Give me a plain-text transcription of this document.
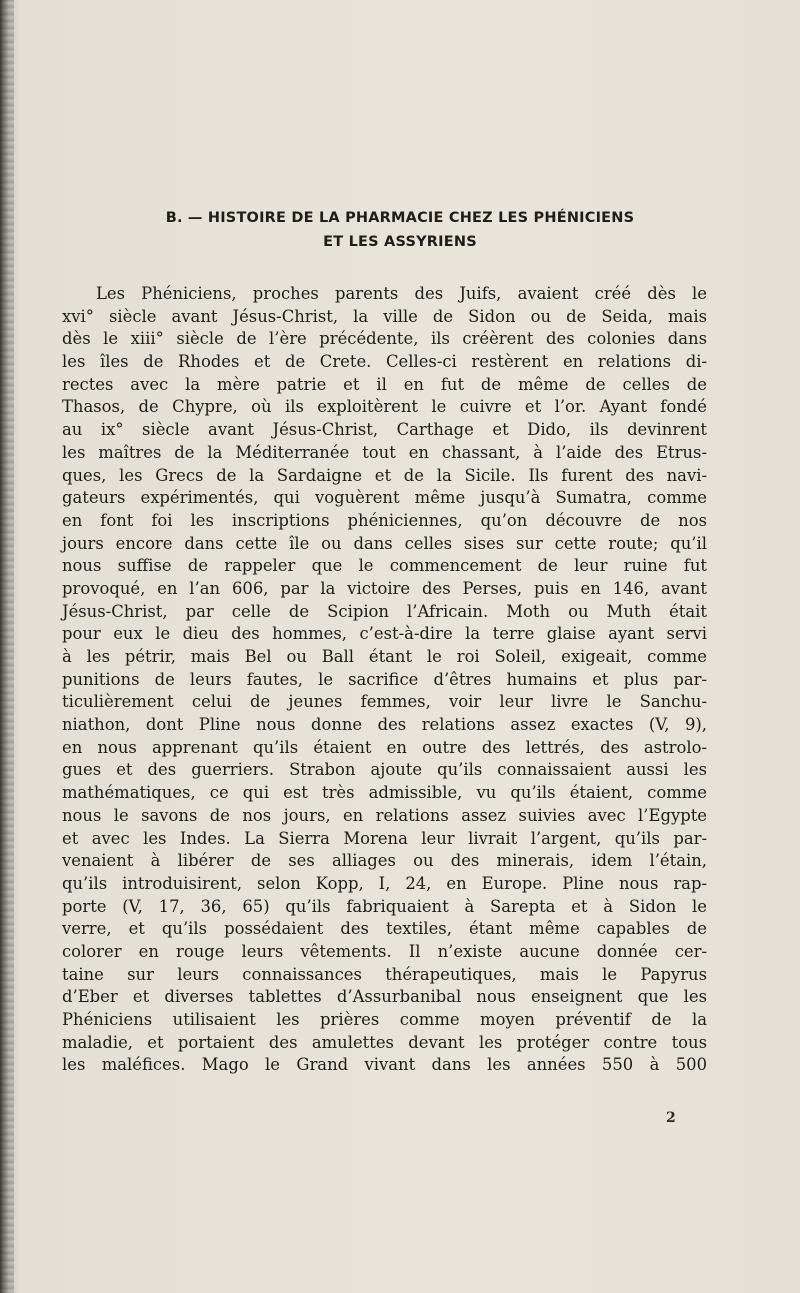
B. — HISTOIRE DE LA PHARMACIE CHEZ LES PHÉNICIENS
ET LES ASSYRIENS
Les Phéniciens, proches parents des Juifs, avaient créé dès le
xvi° siècle avant Jésus-Christ, la ville de Sidon ou de Seida, mais
dès le xiii° siècle de l’ère précédente, ils créèrent des colonies dans
les îles de Rhodes et de Crete. Celles-ci restèrent en relations di-
rectes avec la mère patrie et il en fut de même de celles de
Thasos, de Chypre, où ils exploitèrent le cuivre et l’or. Ayant fondé
au ix° siècle avant Jésus-Christ, Carthage et Dido, ils devinrent
les maîtres de la Méditerranée tout en chassant, à l’aide des Etrus-
ques, les Grecs de la Sardaigne et de la Sicile. Ils furent des navi-
gateurs expérimentés, qui voguèrent même jusqu’à Sumatra, comme
en font foi les inscriptions phéniciennes, qu’on découvre de nos
jours encore dans cette île ou dans celles sises sur cette route; qu’il
nous suffise de rappeler que le commencement de leur ruine fut
provoqué, en l’an 606, par la victoire des Perses, puis en 146, avant
Jésus-Christ, par celle de Scipion l’Africain. Moth ou Muth était
pour eux le dieu des hommes, c’est-à-dire la terre glaise ayant servi
à les pétrir, mais Bel ou Ball étant le roi Soleil, exigeait, comme
punitions de leurs fautes, le sacrifice d’êtres humains et plus par-
ticulièrement celui de jeunes femmes, voir leur livre le Sanchu-
niathon, dont Pline nous donne des relations assez exactes (V, 9),
en nous apprenant qu’ils étaient en outre des lettrés, des astrolo-
gues et des guerriers. Strabon ajoute qu’ils connaissaient aussi les
mathématiques, ce qui est très admissible, vu qu’ils étaient, comme
nous le savons de nos jours, en relations assez suivies avec l’Egypte
et avec les Indes. La Sierra Morena leur livrait l’argent, qu’ils par-
venaient à libérer de ses alliages ou des minerais, idem l’étain,
qu’ils introduisirent, selon Kopp, I, 24, en Europe. Pline nous rap-
porte (V, 17, 36, 65) qu’ils fabriquaient à Sarepta et à Sidon le
verre, et qu’ils possédaient des textiles, étant même capables de
colorer en rouge leurs vêtements. Il n’existe aucune donnée cer-
taine sur leurs connaissances thérapeutiques, mais le Papyrus
d’Eber et diverses tablettes d’Assurbanibal nous enseignent que les
Phéniciens utilisaient les prières comme moyen préventif de la
maladie, et portaient des amulettes devant les protéger contre tous
les maléfices. Mago le Grand vivant dans les années 550 à 500
2
